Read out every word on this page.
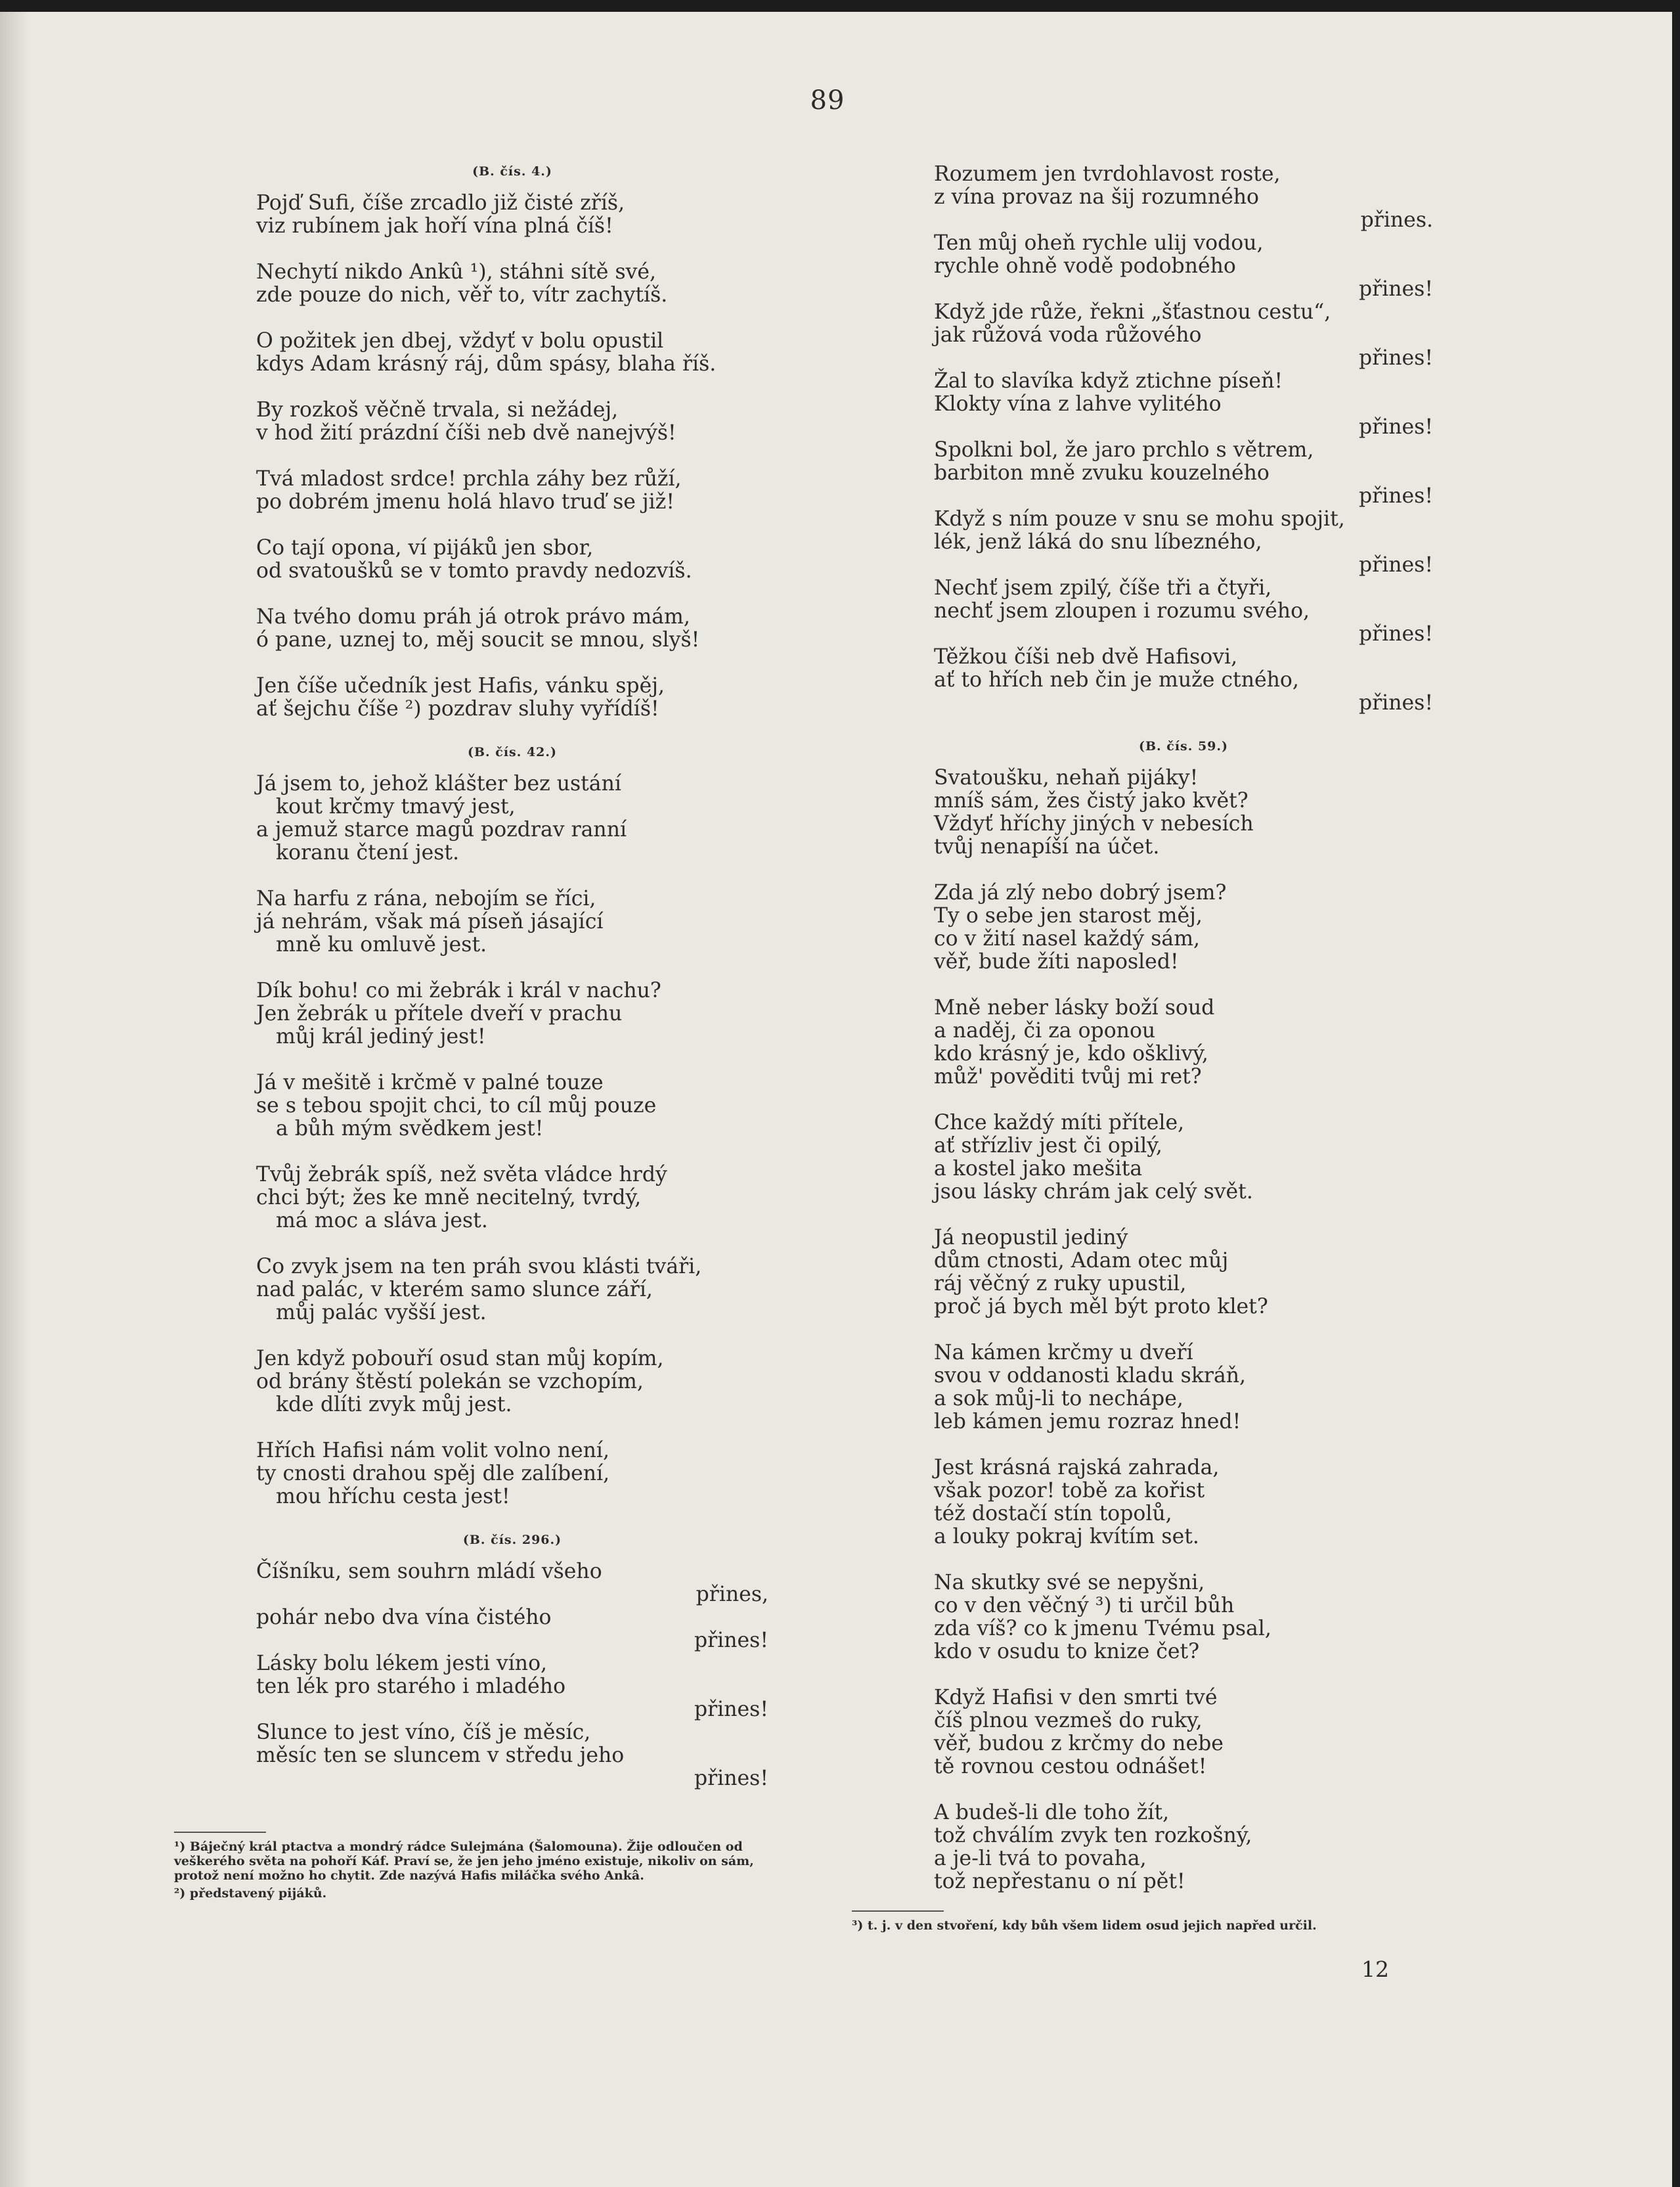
89
(B. čís. 4.)
Pojď Sufi, číše zrcadlo již čisté zříš,
viz rubínem jak hoří vína plná číš!
Nechytí nikdo Ankû ¹), stáhni sítě své,
zde pouze do nich, věř to, vítr zachytíš.
O požitek jen dbej, vždyť v bolu opustil
kdys Adam krásný ráj, dům spásy, blaha říš.
By rozkoš věčně trvala, si nežádej,
v hod žití prázdní číši neb dvě nanejvýš!
Tvá mladost srdce! prchla záhy bez růží,
po dobrém jmenu holá hlavo truď se již!
Co tají opona, ví pijáků jen sbor,
od svatoušků se v tomto pravdy nedozvíš.
Na tvého domu práh já otrok právo mám,
ó pane, uznej to, měj soucit se mnou, slyš!
Jen číše učedník jest Hafis, vánku spěj,
ať šejchu číše ²) pozdrav sluhy vyřídíš!
(B. čís. 42.)
Já jsem to, jehož klášter bez ustání
kout krčmy tmavý jest,
a jemuž starce magů pozdrav ranní
koranu čtení jest.
Na harfu z rána, nebojím se říci,
já nehrám, však má píseň jásající
mně ku omluvě jest.
Dík bohu! co mi žebrák i král v nachu?
Jen žebrák u přítele dveří v prachu
můj král jediný jest!
Já v mešitě i krčmě v palné touze
se s tebou spojit chci, to cíl můj pouze
a bůh mým svědkem jest!
Tvůj žebrák spíš, než světa vládce hrdý
chci být; žes ke mně necitelný, tvrdý,
má moc a sláva jest.
Co zvyk jsem na ten práh svou klásti tváři,
nad palác, v kterém samo slunce září,
můj palác vyšší jest.
Jen když pobouří osud stan můj kopím,
od brány štěstí polekán se vzchopím,
kde dlíti zvyk můj jest.
Hřích Hafisi nám volit volno není,
ty cnosti drahou spěj dle zalíbení,
mou hříchu cesta jest!
(B. čís. 296.)
Číšníku, sem souhrn mládí všeho
přines,
pohár nebo dva vína čistého
přines!
Lásky bolu lékem jesti víno,
ten lék pro starého i mladého
přines!
Slunce to jest víno, číš je měsíc,
měsíc ten se sluncem v středu jeho
přines!
¹) Báječný král ptactva a mondrý rádce Sulejmána (Šalomouna). Žije odloučen od veškerého světa na pohoří Káf. Praví se, že jen jeho jméno existuje, nikoliv on sám, protož není možno ho chytit. Zde nazývá Hafis miláčka svého Ankâ.
²) představený pijáků.
Rozumem jen tvrdohlavost roste,
z vína provaz na šij rozumného
přines.
Ten můj oheň rychle ulij vodou,
rychle ohně vodě podobného
přines!
Když jde růže, řekni „šťastnou cestu“,
jak růžová voda růžového
přines!
Žal to slavíka když ztichne píseň!
Klokty vína z lahve vylitého
přines!
Spolkni bol, že jaro prchlo s větrem,
barbiton mně zvuku kouzelného
přines!
Když s ním pouze v snu se mohu spojit,
lék, jenž láká do snu líbezného,
přines!
Nechť jsem zpilý, číše tři a čtyři,
nechť jsem zloupen i rozumu svého,
přines!
Těžkou číši neb dvě Hafisovi,
ať to hřích neb čin je muže ctného,
přines!
(B. čís. 59.)
Svatoušku, nehaň pijáky!
mníš sám, žes čistý jako květ?
Vždyť hříchy jiných v nebesích
tvůj nenapíší na účet.
Zda já zlý nebo dobrý jsem?
Ty o sebe jen starost měj,
co v žití nasel každý sám,
věř, bude žíti naposled!
Mně neber lásky boží soud
a naděj, či za oponou
kdo krásný je, kdo ošklivý,
můž' pověditi tvůj mi ret?
Chce každý míti přítele,
ať střízliv jest či opilý,
a kostel jako mešita
jsou lásky chrám jak celý svět.
Já neopustil jediný
dům ctnosti, Adam otec můj
ráj věčný z ruky upustil,
proč já bych měl být proto klet?
Na kámen krčmy u dveří
svou v oddanosti kladu skráň,
a sok můj-li to nechápe,
leb kámen jemu rozraz hned!
Jest krásná rajská zahrada,
však pozor! tobě za kořist
též dostačí stín topolů,
a louky pokraj kvítím set.
Na skutky své se nepyšni,
co v den věčný ³) ti určil bůh
zda víš? co k jmenu Tvému psal,
kdo v osudu to knize čet?
Když Hafisi v den smrti tvé
číš plnou vezmeš do ruky,
věř, budou z krčmy do nebe
tě rovnou cestou odnášet!
A budeš-li dle toho žít,
tož chválím zvyk ten rozkošný,
a je-li tvá to povaha,
tož nepřestanu o ní pět!
³) t. j. v den stvoření, kdy bůh všem lidem osud jejich napřed určil.
12
